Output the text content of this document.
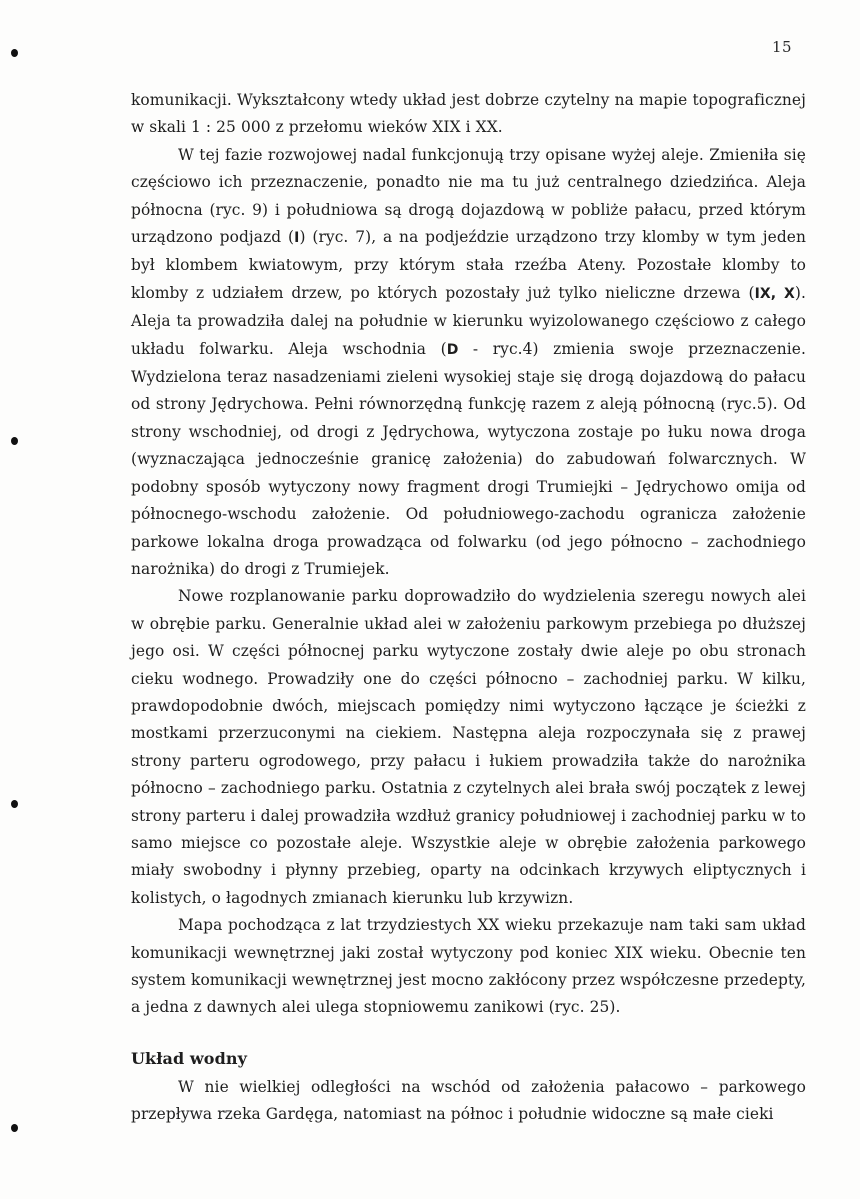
15

komunikacji. Wykształcony wtedy układ jest dobrze czytelny na mapie topograficznej w skali 1 : 25 000 z przełomu wieków XIX i XX.

W tej fazie rozwojowej nadal funkcjonują trzy opisane wyżej aleje. Zmieniła się częściowo ich przeznaczenie, ponadto nie ma tu już centralnego dziedzińca. Aleja północna (ryc. 9) i południowa są drogą dojazdową w pobliże pałacu, przed którym urządzono podjazd (I) (ryc. 7), a na podjeździe urządzono trzy klomby w tym jeden był klombem kwiatowym, przy którym stała rzeźba Ateny. Pozostałe klomby to klomby z udziałem drzew, po których pozostały już tylko nieliczne drzewa (IX, X). Aleja ta prowadziła dalej na południe w kierunku wyizolowanego częściowo z całego układu folwarku. Aleja wschodnia (D - ryc.4) zmienia swoje przeznaczenie. Wydzielona teraz nasadzeniami zieleni wysokiej staje się drogą dojazdową do pałacu od strony Jędrychowa. Pełni równorzędną funkcję razem z aleją północną (ryc.5). Od strony wschodniej, od drogi z Jędrychowa, wytyczona zostaje po łuku nowa droga (wyznaczająca jednocześnie granicę założenia) do zabudowań folwarcznych. W podobny sposób wytyczony nowy fragment drogi Trumiejki – Jędrychowo omija od północnego-wschodu założenie. Od południowego-zachodu ogranicza założenie parkowe lokalna droga prowadząca od folwarku (od jego północno – zachodniego narożnika) do drogi z Trumiejek.

Nowe rozplanowanie parku doprowadziło do wydzielenia szeregu nowych alei w obrębie parku. Generalnie układ alei w założeniu parkowym przebiega po dłuższej jego osi. W części północnej parku wytyczone zostały dwie aleje po obu stronach cieku wodnego. Prowadziły one do części północno – zachodniej parku. W kilku, prawdopodobnie dwóch, miejscach pomiędzy nimi wytyczono łączące je ścieżki z mostkami przerzuconymi na ciekiem. Następna aleja rozpoczynała się z prawej strony parteru ogrodowego, przy pałacu i łukiem prowadziła także do narożnika północno – zachodniego parku. Ostatnia z czytelnych alei brała swój początek z lewej strony parteru i dalej prowadziła wzdłuż granicy południowej i zachodniej parku w to samo miejsce co pozostałe aleje. Wszystkie aleje w obrębie założenia parkowego miały swobodny i płynny przebieg, oparty na odcinkach krzywych eliptycznych i kolistych, o łagodnych zmianach kierunku lub krzywizn.

Mapa pochodząca z lat trzydziestych XX wieku przekazuje nam taki sam układ komunikacji wewnętrznej jaki został wytyczony pod koniec XIX wieku. Obecnie ten system komunikacji wewnętrznej jest mocno zakłócony przez współczesne przedepty, a jedna z dawnych alei ulega stopniowemu zanikowi (ryc. 25).

Układ wodny

W nie wielkiej odległości na wschód od założenia pałacowo – parkowego przepływa rzeka Gardęga, natomiast na północ i południe widoczne są małe cieki
